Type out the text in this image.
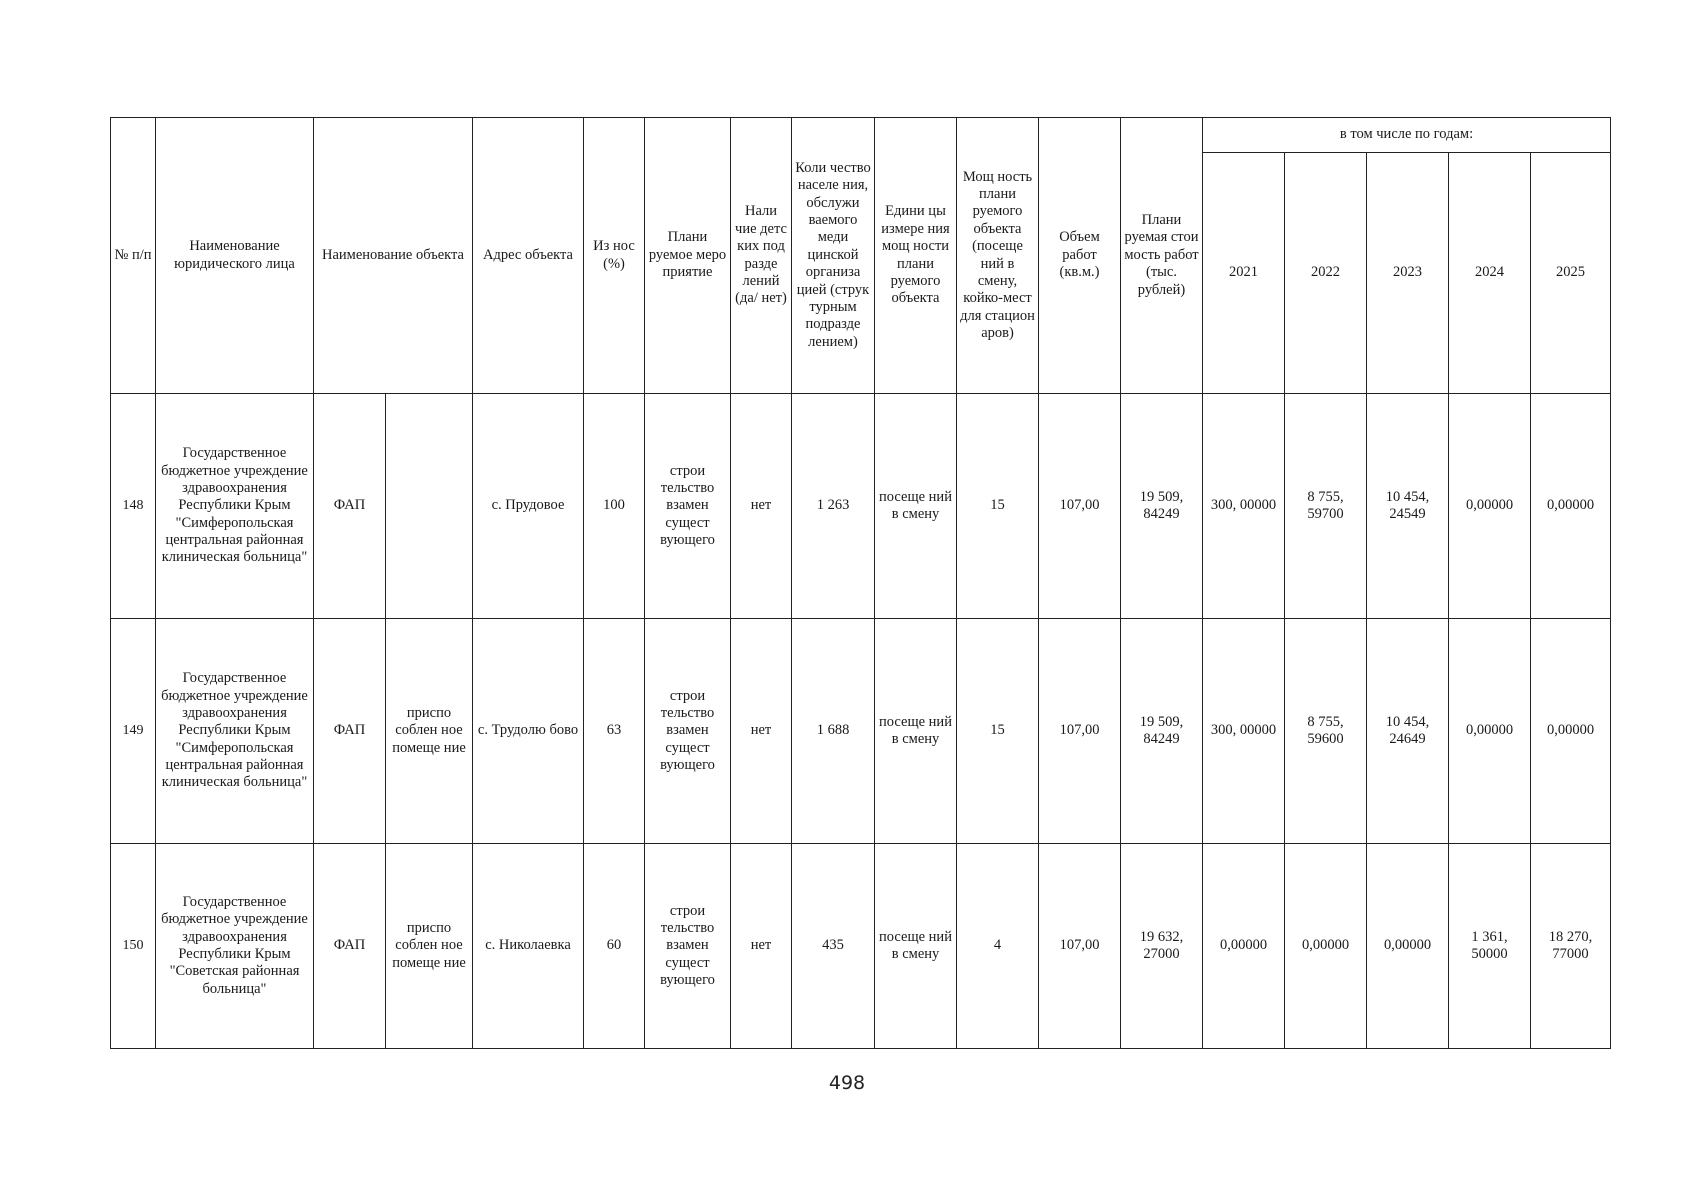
№ п/п	Наименование юридического лица	Наименование объекта		Адрес объекта	Из нос (%)	Плани руемое меро приятие	Нали чие детс ких под разде лений (да/ нет)	Коли чество населе ния, обслужи ваемого меди цинской организа цией (струк турным подразде лением)	Едини цы измере ния мощ ности плани руемого объекта	Мощ ность плани руемого объекта (посеще ний в смену, койко-мест для стацион аров)	Объем работ (кв.м.)	Плани руемая стои мость работ (тыс. рублей)	в том числе по годам:				
													2021	2022	2023	2024	2025
148	Государственное бюджетное учреждение здравоохранения Республики Крым "Симферопольская центральная районная клиническая больница"	ФАП		с. Прудовое	100	строи тельство взамен сущест вующего	нет	1 263	посеще ний в смену	15	107,00	19 509, 84249	300, 00000	8 755, 59700	10 454, 24549	0,00000	0,00000
149	Государственное бюджетное учреждение здравоохранения Республики Крым "Симферопольская центральная районная клиническая больница"	ФАП	приспо соблен ное помеще ние	с. Трудолю бово	63	строи тельство взамен сущест вующего	нет	1 688	посеще ний в смену	15	107,00	19 509, 84249	300, 00000	8 755, 59600	10 454, 24649	0,00000	0,00000
150	Государственное бюджетное учреждение здравоохранения Республики Крым "Советская районная больница"	ФАП	приспо соблен ное помеще ние	с. Николаевка	60	строи тельство взамен сущест вующего	нет	435	посеще ний в смену	4	107,00	19 632, 27000	0,00000	0,00000	0,00000	1 361, 50000	18 270, 77000
498
